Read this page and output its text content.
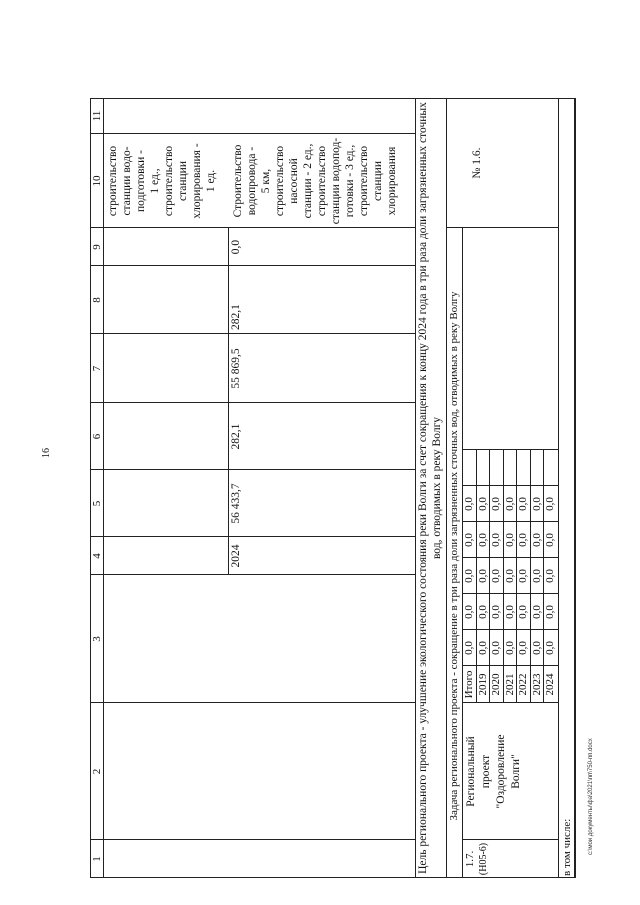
16
c:\мои документы\фа\2021\пп\750-пп.docx
1
2
3
4
5
6
7
8
9
10
11
строительство
станции водо-
подготовки -
1 ед.,
строительство
станции
хлорирования -
1 ед.
2024
56 433,7
282,1
55 869,5
282,1
0,0
Строительство
водопровода -
5 км,
строительство
насосной
станции - 2 ед.,
строительство
станции водопод-
готовки - 3 ед.,
строительство
станции
хлорирования	Цель регионального проекта - улучшение экологического состояния реки Волги за счет сокращения к концу 2024 года в три раза доли загрязненных сточных вод, отводимых в реку Волгу Задача регионального проекта - сокращение в три раза доли загрязненных сточных вод, отводимых в реку Волгу
1.7. (Н05-6)
Региональный
проект
"Оздоровление
Волги"
№ 1.6.
Итого
0,0
0,0
0,0
0,0
0,0
2019
0,0
0,0
0,0
0,0
0,0
2020
0,0
0,0
0,0
0,0
0,0
2021
0,0
0,0
0,0
0,0
0,0
2022
0,0
0,0
0,0
0,0
0,0
2023
0,0
0,0
0,0
0,0
0,0
2024
0,0
0,0
0,0
0,0
0,0
в том числе:
